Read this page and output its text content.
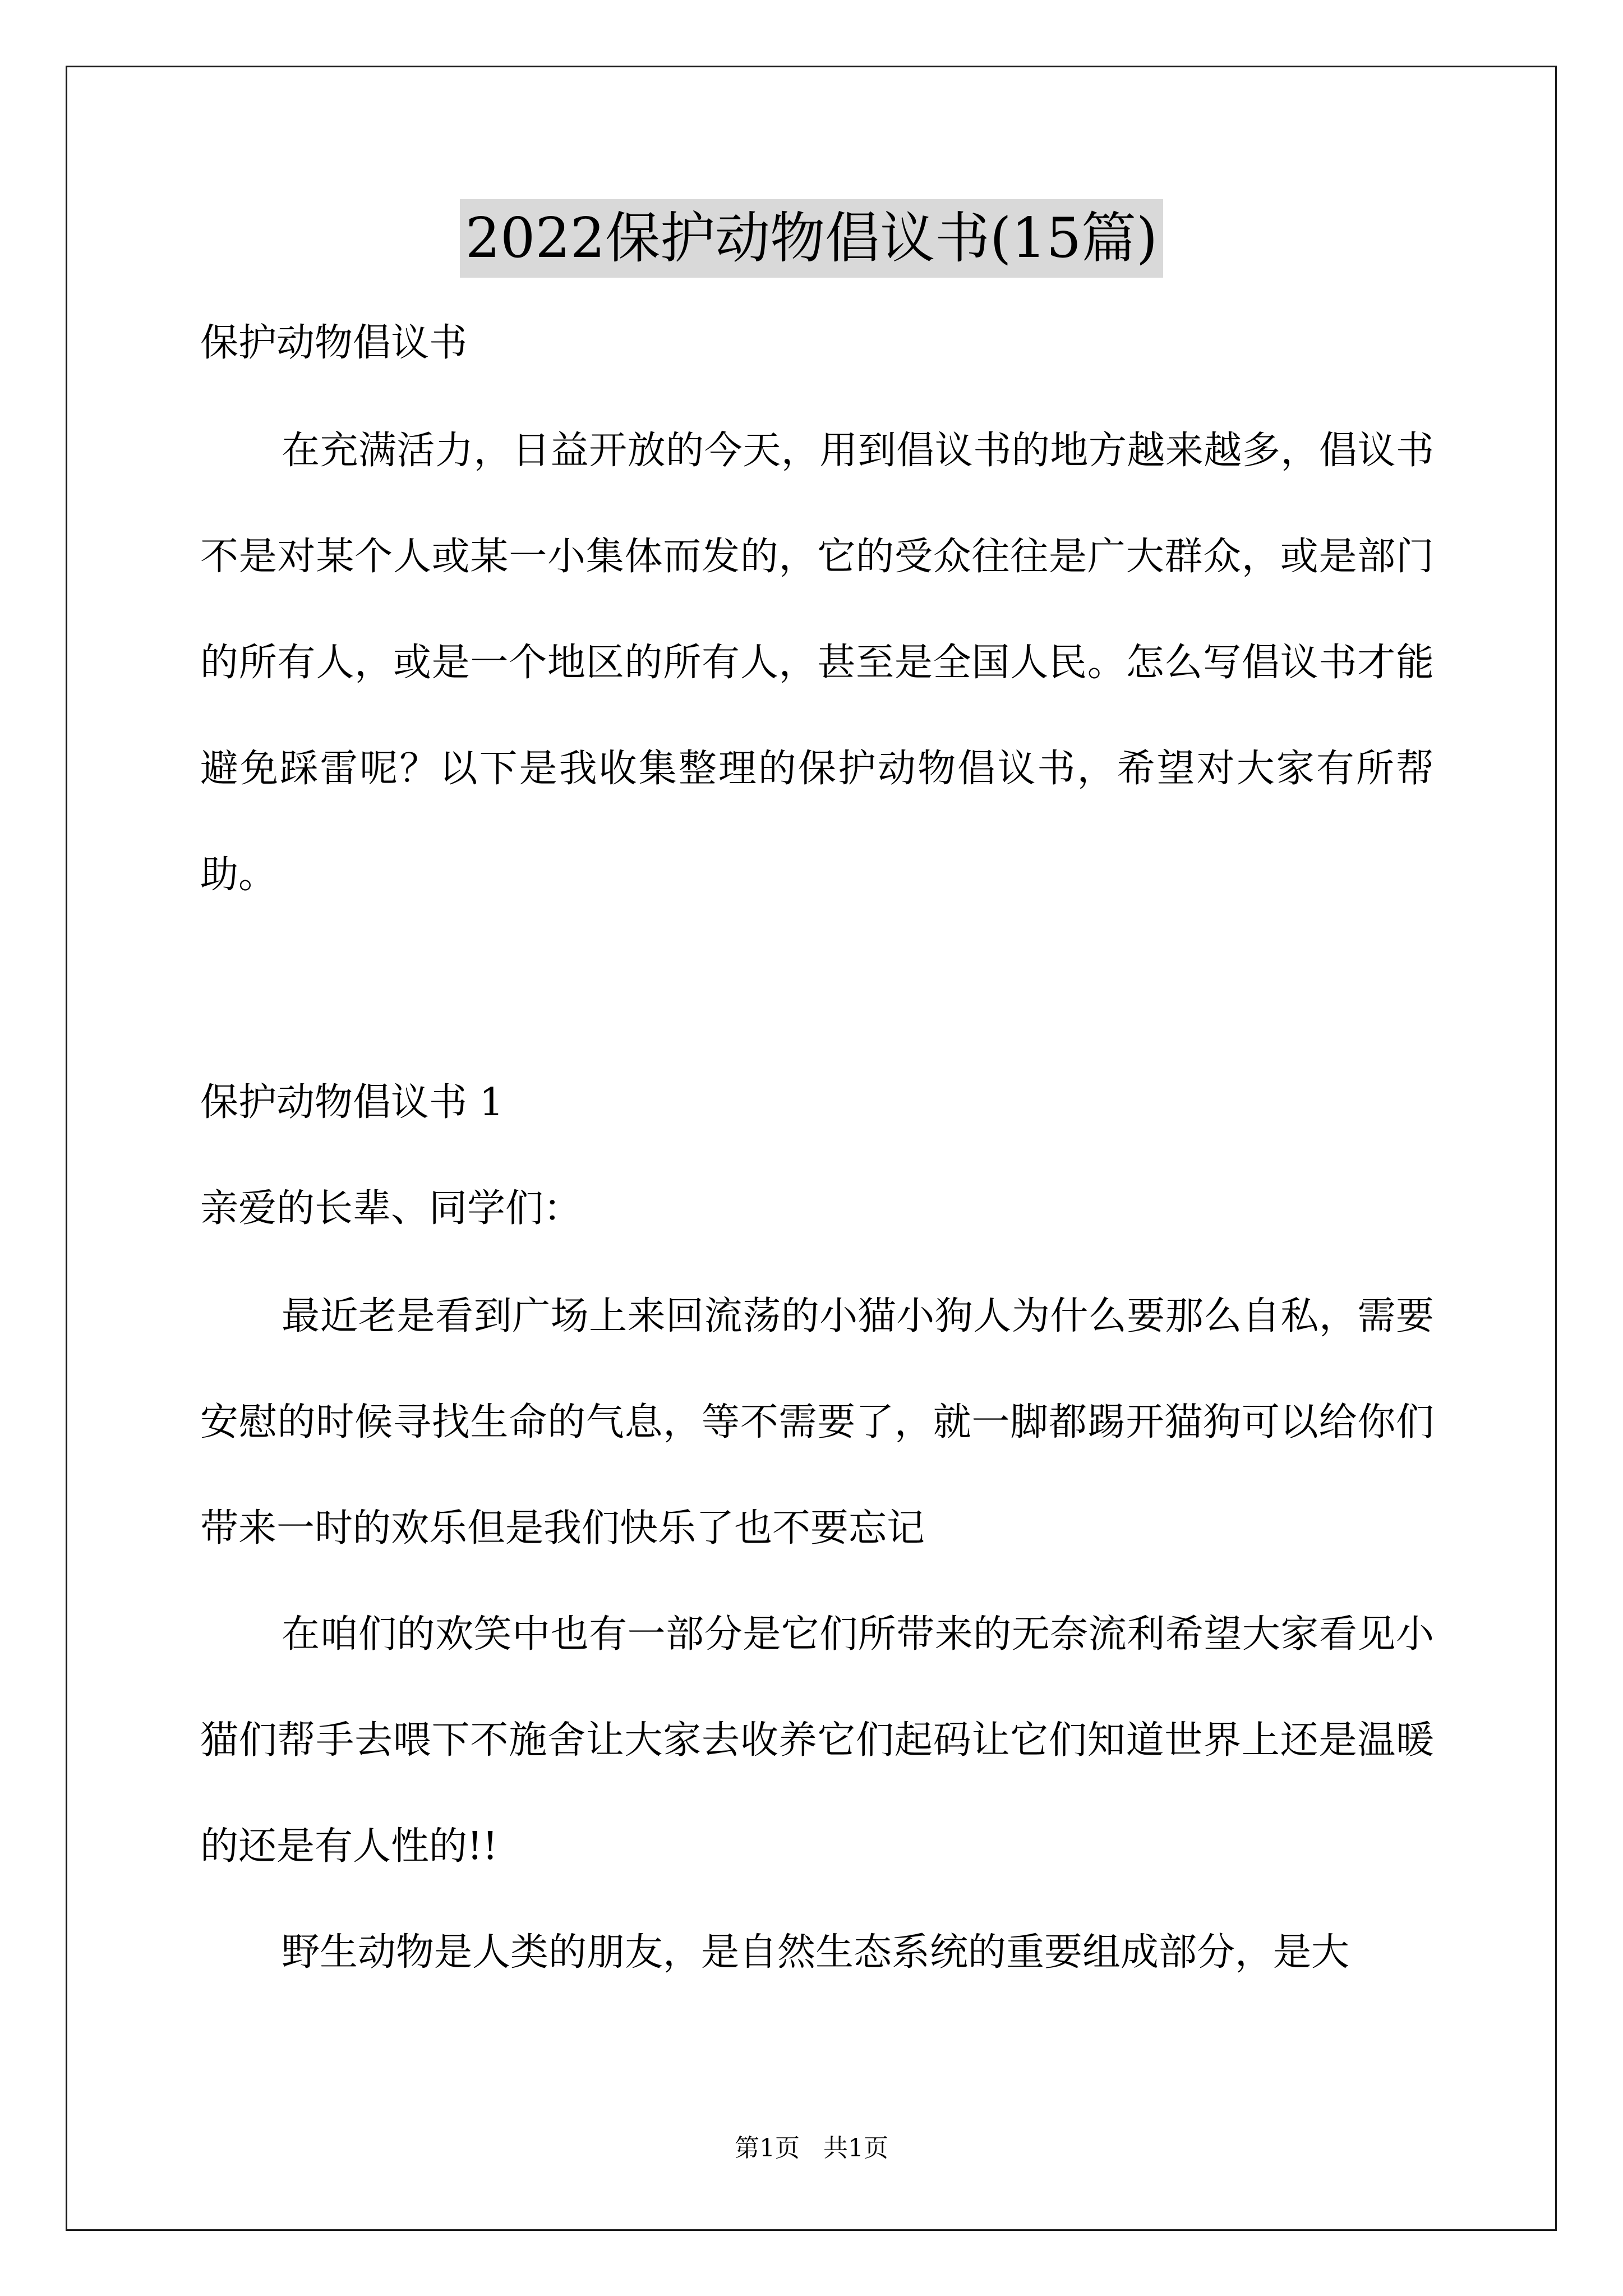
2022保护动物倡议书(15篇)

保护动物倡议书

在充满活力，日益开放的今天，用到倡议书的地方越来越多，倡议书不是对某个人或某一小集体而发的，它的受众往往是广大群众，或是部门的所有人，或是一个地区的所有人，甚至是全国人民。怎么写倡议书才能避免踩雷呢？以下是我收集整理的保护动物倡议书，希望对大家有所帮助。

保护动物倡议书 1

亲爱的长辈、同学们：

最近老是看到广场上来回流荡的小猫小狗人为什么要那么自私，需要安慰的时候寻找生命的气息，等不需要了，就一脚都踢开猫狗可以给你们带来一时的欢乐但是我们快乐了也不要忘记

在咱们的欢笑中也有一部分是它们所带来的无奈流利希望大家看见小猫们帮手去喂下不施舍让大家去收养它们起码让它们知道世界上还是温暖的还是有人性的!!

野生动物是人类的朋友，是自然生态系统的重要组成部分，是大

第1页   共1页
